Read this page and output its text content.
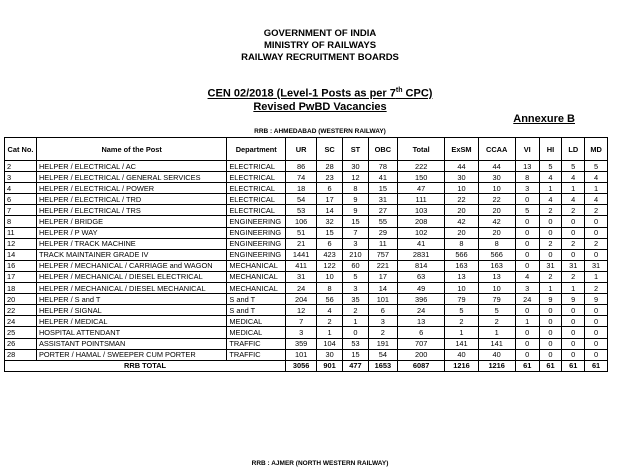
GOVERNMENT OF INDIA
MINISTRY OF RAILWAYS
RAILWAY RECRUITMENT BOARDS
CEN 02/2018 (Level-1 Posts as per 7th CPC)
Revised PwBD Vacancies
Annexure B
RRB : AHMEDABAD (WESTERN RAILWAY)
Cat No.	Name of the Post	Department	UR	SC	ST	OBC	Total	ExSM	CCAA	VI	HI	LD	MD
2	HELPER / ELECTRICAL / AC	ELECTRICAL	86	28	30	78	222	44	44	13	5	5	5
3	HELPER / ELECTRICAL / GENERAL SERVICES	ELECTRICAL	74	23	12	41	150	30	30	8	4	4	4
4	HELPER / ELECTRICAL / POWER	ELECTRICAL	18	6	8	15	47	10	10	3	1	1	1
6	HELPER / ELECTRICAL / TRD	ELECTRICAL	54	17	9	31	111	22	22	0	4	4	4
7	HELPER / ELECTRICAL / TRS	ELECTRICAL	53	14	9	27	103	20	20	5	2	2	2
8	HELPER / BRIDGE	ENGINEERING	106	32	15	55	208	42	42	0	0	0	0
11	HELPER / P WAY	ENGINEERING	51	15	7	29	102	20	20	0	0	0	0
12	HELPER / TRACK MACHINE	ENGINEERING	21	6	3	11	41	8	8	0	2	2	2
14	TRACK MAINTAINER GRADE IV	ENGINEERING	1441	423	210	757	2831	566	566	0	0	0	0
16	HELPER / MECHANICAL / CARRIAGE and WAGON	MECHANICAL	411	122	60	221	814	163	163	0	31	31	31
17	HELPER / MECHANICAL / DIESEL ELECTRICAL	MECHANICAL	31	10	5	17	63	13	13	4	2	2	1
18	HELPER / MECHANICAL / DIESEL MECHANICAL	MECHANICAL	24	8	3	14	49	10	10	3	1	1	2
20	HELPER / S and T	S and T	204	56	35	101	396	79	79	24	9	9	9
22	HELPER / SIGNAL	S and T	12	4	2	6	24	5	5	0	0	0	0
24	HELPER / MEDICAL	MEDICAL	7	2	1	3	13	2	2	1	0	0	0
25	HOSPITAL ATTENDANT	MEDICAL	3	1	0	2	6	1	1	0	0	0	0
26	ASSISTANT POINTSMAN	TRAFFIC	359	104	53	191	707	141	141	0	0	0	0
28	PORTER / HAMAL / SWEEPER CUM PORTER	TRAFFIC	101	30	15	54	200	40	40	0	0	0	0
RRB TOTAL			3056	901	477	1653	6087	1216	1216	61	61	61	61
RRB : AJMER (NORTH WESTERN RAILWAY)
